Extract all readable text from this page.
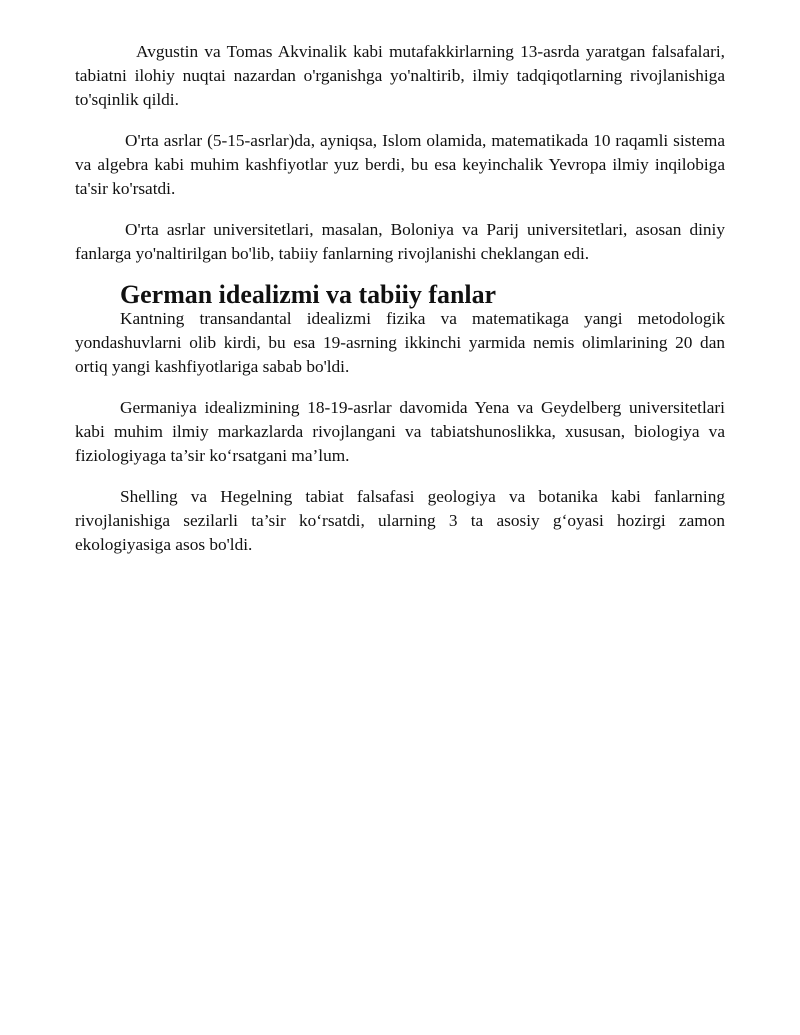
Avgustin va Tomas Akvinalik kabi mutafakkirlarning 13-asrda yaratgan falsafalari, tabiatni ilohiy nuqtai nazardan o'rganishga yo'naltirib, ilmiy tadqiqotlarning rivojlanishiga to'sqinlik qildi.

O'rta asrlar (5-15-asrlar)da, ayniqsa, Islom olamida, matematikada 10 raqamli sistema va algebra kabi muhim kashfiyotlar yuz berdi, bu esa keyinchalik Yevropa ilmiy inqilobiga ta'sir ko'rsatdi.

O'rta asrlar universitetlari, masalan, Boloniya va Parij universitetlari, asosan diniy fanlarga yo'naltirilgan bo'lib, tabiiy fanlarning rivojlanishi cheklangan edi.

German idealizmi va tabiiy fanlar

Kantning transandantal idealizmi fizika va matematikaga yangi metodologik yondashuvlarni olib kirdi, bu esa 19-asrning ikkinchi yarmida nemis olimlarining 20 dan ortiq yangi kashfiyotlariga sabab bo'ldi.

Germaniya idealizmining 18-19-asrlar davomida Yena va Geydelberg universitetlari kabi muhim ilmiy markazlarda rivojlangani va tabiatshunoslikka, xususan, biologiya va fiziologiyaga ta’sir ko‘rsatgani ma’lum.

Shelling va Hegelning tabiat falsafasi geologiya va botanika kabi fanlarning rivojlanishiga sezilarli ta’sir ko‘rsatdi, ularning 3 ta asosiy g‘oyasi hozirgi zamon ekologiyasiga asos bo'ldi.
